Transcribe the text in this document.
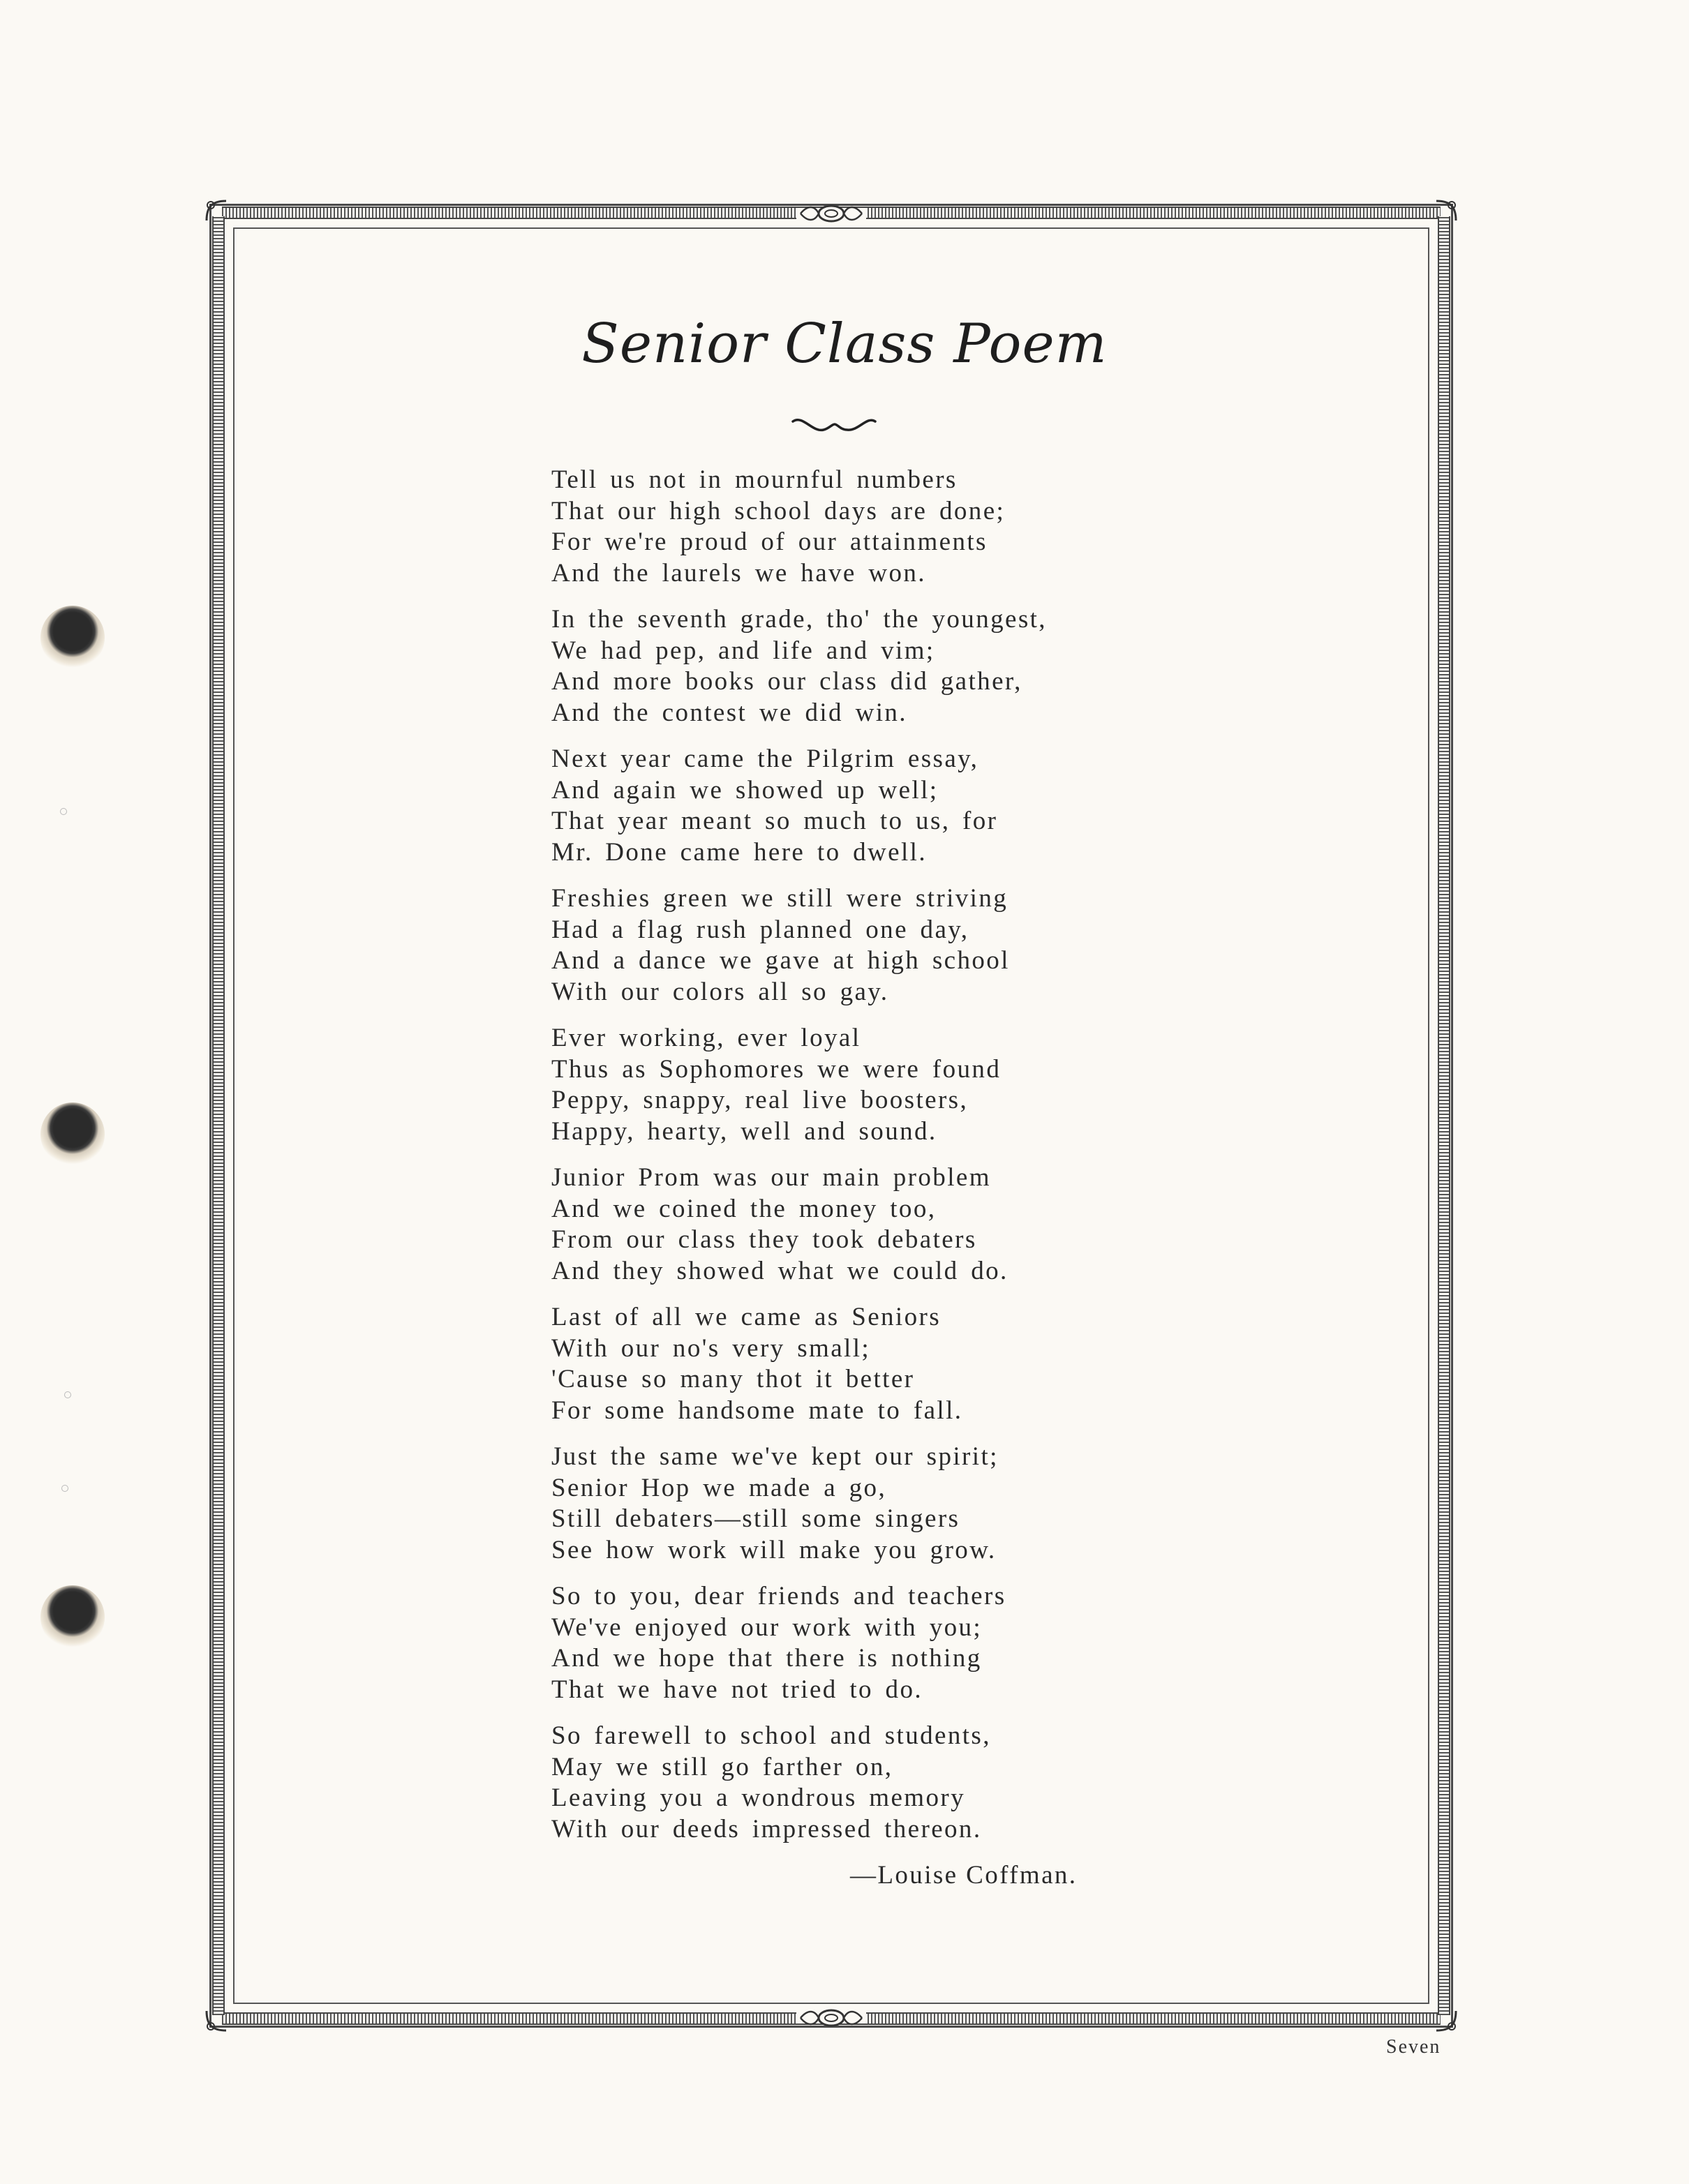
Senior Class Poem
Tell us not in mournful numbers
That our high school days are done;
For we're proud of our attainments
And the laurels we have won.
In the seventh grade, tho' the youngest,
We had pep, and life and vim;
And more books our class did gather,
And the contest we did win.
Next year came the Pilgrim essay,
And again we showed up well;
That year meant so much to us, for
Mr. Done came here to dwell.
Freshies green we still were striving
Had a flag rush planned one day,
And a dance we gave at high school
With our colors all so gay.
Ever working, ever loyal
Thus as Sophomores we were found
Peppy, snappy, real live boosters,
Happy, hearty, well and sound.
Junior Prom was our main problem
And we coined the money too,
From our class they took debaters
And they showed what we could do.
Last of all we came as Seniors
With our no's very small;
'Cause so many thot it better
For some handsome mate to fall.
Just the same we've kept our spirit;
Senior Hop we made a go,
Still debaters—still some singers
See how work will make you grow.
So to you, dear friends and teachers
We've enjoyed our work with you;
And we hope that there is nothing
That we have not tried to do.
So farewell to school and students,
May we still go farther on,
Leaving you a wondrous memory
With our deeds impressed thereon.
—Louise Coffman.
Seven
